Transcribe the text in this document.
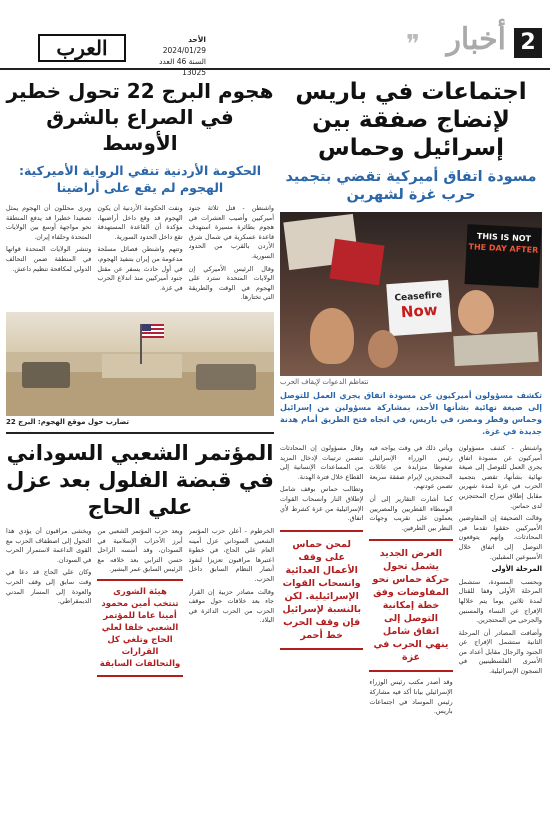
2
أخبار
❞
العرب	الأحد
2024/01/29
السنة 46 العدد 13025
اجتماعات في باريس لإنضاج صفقة بين إسرائيل وحماس
مسودة اتفاق أميركية تقضي بتجميد حرب غزة لشهرين
THIS IS NOT
THE DAY AFTER
Ceasefire
Now
تتعاظم الدعوات لإيقاف الحرب

تكشف مسؤولون أميركيون عن مسودة اتفاق يجري العمل للتوصل إلى صيغة نهائية بشأنها الأحد، بمشاركة مسؤولين من إسرائيل وحماس وقطر ومصر، في باريس، في اتجاه فتح الطريق أمام هدنة جديدة في غزة.

واشنطن - كشف مسؤولون أميركيون عن مسودة اتفاق يجري العمل للتوصل إلى صيغة نهائية بشأنها، تقضي بتجميد الحرب في غزة لمدة شهرين مقابل إطلاق سراح المحتجزين لدى حماس.

وقالت الصحيفة إن المفاوضين الأميركيين حققوا تقدما في المحادثات، وإنهم يتوقعون التوصل إلى اتفاق خلال الأسبوعين المقبلين.

المرحلة الأولى

وبحسب المسودة، ستشمل المرحلة الأولى وقفا للقتال لمدة ثلاثين يوما يتم خلالها الإفراج عن النساء والمسنين والجرحى من المحتجزين.

وأضافت المصادر أن المرحلة الثانية ستشمل الإفراج عن الجنود والرجال مقابل أعداد من الأسرى الفلسطينيين في السجون الإسرائيلية.

ويأتي ذلك في وقت يواجه فيه رئيس الوزراء الإسرائيلي ضغوطا متزايدة من عائلات المحتجزين لإبرام صفقة سريعة تضمن عودتهم.

كما أشارت التقارير إلى أن الوسطاء القطريين والمصريين يعملون على تقريب وجهات النظر بين الطرفين.

العرض الجديد يشمل تحول حركة حماس نحو المفاوضات وفق خطة إمكانية التوصل إلى اتفاق شامل ينهي الحرب في غزة

وقد أصدر مكتب رئيس الوزراء الإسرائيلي بيانا أكد فيه مشاركة رئيس الموساد في اجتماعات باريس.

وقال مسؤولون إن المحادثات تتضمن ترتيبات لإدخال المزيد من المساعدات الإنسانية إلى القطاع خلال فترة الهدنة.

وتطالب حماس بوقف شامل لإطلاق النار وانسحاب القوات الإسرائيلية من غزة كشرط لأي اتفاق.

لمحن حماس على وقف الأعمال العدائية وانسحاب القوات الإسرائيلية. لكن بالنسبة لإسرائيل فإن وقف الحرب خط أحمر
هجوم البرج 22 تحول خطير في الصراع بالشرق الأوسط
الحكومة الأردنية تنفي الرواية الأميركية: الهجوم لم يقع على أراضينا

واشنطن - قتل ثلاثة جنود أميركيين وأصيب العشرات في هجوم بطائرة مسيرة استهدف قاعدة عسكرية في شمال شرق الأردن بالقرب من الحدود السورية.

وقال الرئيس الأميركي إن الولايات المتحدة سترد على الهجوم في الوقت والطريقة التي تختارها.

ونفت الحكومة الأردنية أن يكون الهجوم قد وقع داخل أراضيها، مؤكدة أن القاعدة المستهدفة تقع داخل الحدود السورية.

وتتهم واشنطن فصائل مسلحة مدعومة من إيران بتنفيذ الهجوم، في أول حادث يسفر عن مقتل جنود أميركيين منذ اندلاع الحرب في غزة.

ويرى محللون أن الهجوم يمثل تصعيدا خطيرا قد يدفع المنطقة نحو مواجهة أوسع بين الولايات المتحدة وحلفاء إيران.

وتنشر الولايات المتحدة قواتها في المنطقة ضمن التحالف الدولي لمكافحة تنظيم داعش.

تضارب حول موقع الهجوم: البرج 22
المؤتمر الشعبي السوداني في قبضة الفلول بعد عزل علي الحاج

الخرطوم - أعلن حزب المؤتمر الشعبي السوداني عزل أمينه العام علي الحاج، في خطوة اعتبرها مراقبون تعزيزا لنفوذ أنصار النظام السابق داخل الحزب.

وقالت مصادر حزبية إن القرار جاء بعد خلافات حول موقف الحزب من الحرب الدائرة في البلاد.

ويعد حزب المؤتمر الشعبي من أبرز الأحزاب الإسلامية في السودان، وقد أسسه الراحل حسن الترابي بعد خلافه مع الرئيس السابق عمر البشير.

هيئة الشورى تنتخب أمين محمود أمينا عاما للمؤتمر الشعبي خلفا لعلي الحاج وتلغي كل القرارات والتحالفات السابقة

ويخشى مراقبون أن يؤدي هذا التحول إلى اصطفاف الحزب مع القوى الداعمة لاستمرار الحرب في السودان.

وكان علي الحاج قد دعا في وقت سابق إلى وقف الحرب والعودة إلى المسار المدني الديمقراطي.
